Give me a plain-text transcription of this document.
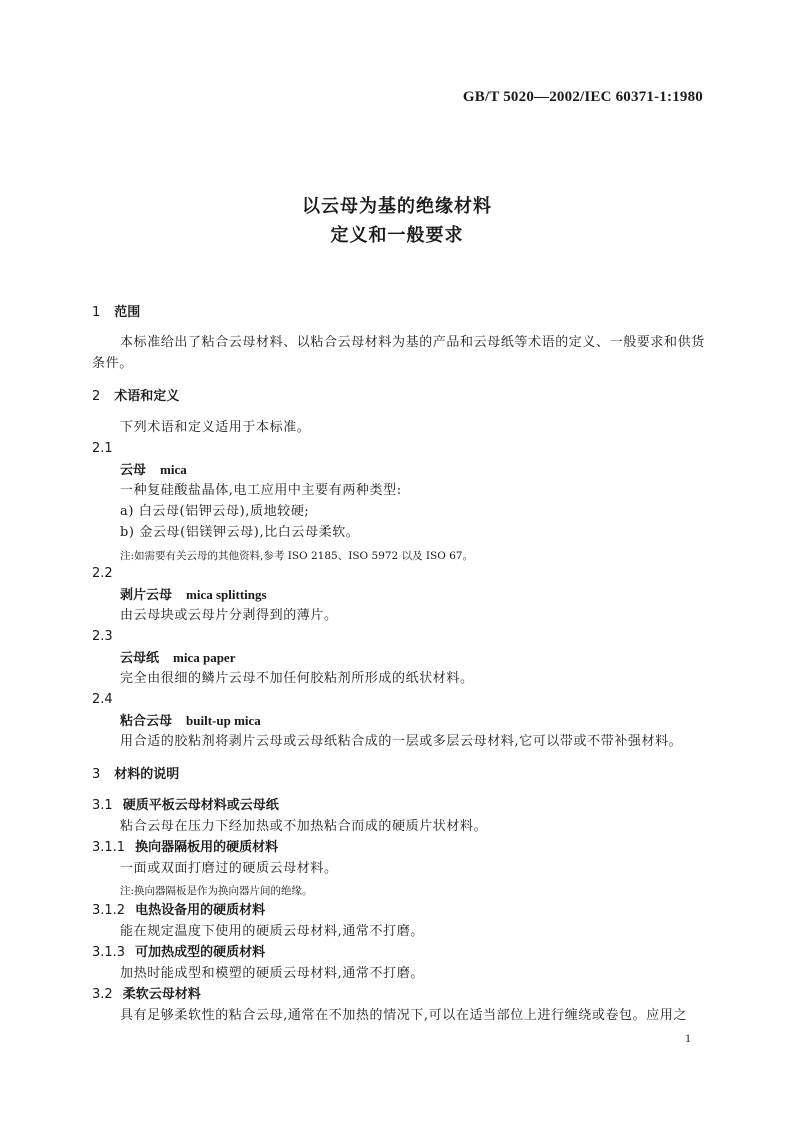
GB/T 5020—2002/IEC 60371-1:1980
以云母为基的绝缘材料
定义和一般要求
1 范围
本标准给出了粘合云母材料、以粘合云母材料为基的产品和云母纸等术语的定义、一般要求和供货
条件。
2 术语和定义
下列术语和定义适用于本标准。
2.1
云母 mica
一种复硅酸盐晶体,电工应用中主要有两种类型:
a) 白云母(铝钾云母),质地较硬;
b) 金云母(铝镁钾云母),比白云母柔软。
注:如需要有关云母的其他资料,参考 ISO 2185、ISO 5972 以及 ISO 67。
2.2
剥片云母 mica splittings
由云母块或云母片分剥得到的薄片。
2.3
云母纸 mica paper
完全由很细的鳞片云母不加任何胶粘剂所形成的纸状材料。
2.4
粘合云母 built-up mica
用合适的胶粘剂将剥片云母或云母纸粘合成的一层或多层云母材料,它可以带或不带补强材料。
3 材料的说明
3.1 硬质平板云母材料或云母纸
粘合云母在压力下经加热或不加热粘合而成的硬质片状材料。
3.1.1 换向器隔板用的硬质材料
一面或双面打磨过的硬质云母材料。
注:换向器隔板是作为换向器片间的绝缘。
3.1.2 电热设备用的硬质材料
能在规定温度下使用的硬质云母材料,通常不打磨。
3.1.3 可加热成型的硬质材料
加热时能成型和模塑的硬质云母材料,通常不打磨。
3.2 柔软云母材料
具有足够柔软性的粘合云母,通常在不加热的情况下,可以在适当部位上进行缠绕或卷包。应用之
1
